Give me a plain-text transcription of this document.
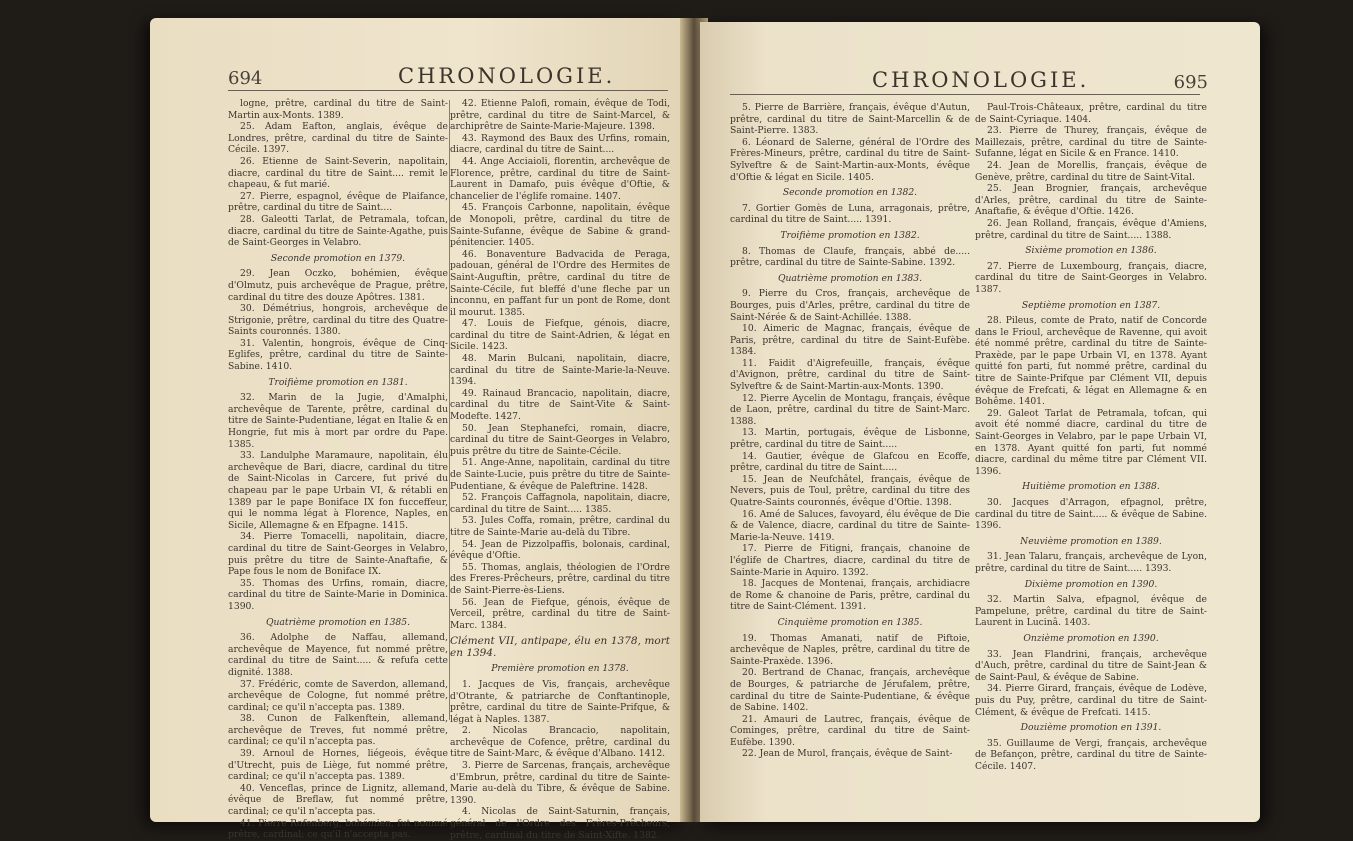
694	CHRONOLOGIE.

logne, prêtre, cardinal du titre de Saint-Martin aux-Monts. 1389.

25. Adam Eafton, anglais, évêque de Londres, prêtre, cardinal du titre de Sainte-Cécile. 1397.

26. Etienne de Saint-Severin, napolitain, diacre, cardinal du titre de Saint.... remit le chapeau, & fut marié.

27. Pierre, espagnol, évêque de Plaifance, prêtre, cardinal du titre de Saint....

28. Galeotti Tarlat, de Petramala, tofcan, diacre, cardinal du titre de Sainte-Agathe, puis de Saint-Georges in Velabro.

Seconde promotion en 1379.

29. Jean Oczko, bohémien, évêque d'Olmutz, puis archevêque de Prague, prêtre, cardinal du titre des douze Apôtres. 1381.

30. Démétrius, hongrois, archevêque de Strigonie, prêtre, cardinal du titre des Quatre-Saints couronnés. 1380.

31. Valentin, hongrois, évêque de Cinq-Eglifes, prêtre, cardinal du titre de Sainte-Sabine. 1410.

Troifième promotion en 1381.

32. Marin de la Jugie, d'Amalphi, archevêque de Tarente, prêtre, cardinal du titre de Sainte-Pudentiane, légat en Italie & en Hongrie, fut mis à mort par ordre du Pape. 1385.

33. Landulphe Maramaure, napolitain, élu archevêque de Bari, diacre, cardinal du titre de Saint-Nicolas in Carcere, fut privé du chapeau par le pape Urbain VI, & rétabli en 1389 par le pape Boniface IX fon fucceffeur, qui le nomma légat à Florence, Naples, en Sicile, Allemagne & en Efpagne. 1415.

34. Pierre Tomacelli, napolitain, diacre, cardinal du titre de Saint-Georges in Velabro, puis prêtre du titre de Sainte-Anaftafie, & Pape fous le nom de Boniface IX.

35. Thomas des Urfins, romain, diacre, cardinal du titre de Sainte-Marie in Dominica. 1390.

Quatrième promotion en 1385.

36. Adolphe de Naffau, allemand, archevêque de Mayence, fut nommé prêtre, cardinal du titre de Saint..... & refufa cette dignité. 1388.

37. Frédéric, comte de Saverdon, allemand, archevêque de Cologne, fut nommé prêtre, cardinal; ce qu'il n'accepta pas. 1389.

38. Cunon de Falkenftein, allemand, archevêque de Treves, fut nommé prêtre, cardinal; ce qu'il n'accepta pas.

39. Arnoul de Hornes, liégeois, évêque d'Utrecht, puis de Liège, fut nommé prêtre, cardinal; ce qu'il n'accepta pas. 1389.

40. Venceflas, prince de Lignitz, allemand, évêque de Breflaw, fut nommé prêtre, cardinal; ce qu'il n'accepta pas.

41. Pierre Rofenberg, bohémien, fut nommé prêtre, cardinal; ce qu'il n'accepta pas.

42. Etienne Palofi, romain, évêque de Todi, prêtre, cardinal du titre de Saint-Marcel, & archiprêtre de Sainte-Marie-Majeure. 1398.

43. Raymond des Baux des Urfins, romain, diacre, cardinal du titre de Saint....

44. Ange Acciaioli, florentin, archevêque de Florence, prêtre, cardinal du titre de Saint-Laurent in Damafo, puis évêque d'Oftie, & chancelier de l'églife romaine. 1407.

45. François Carbonne, napolitain, évêque de Monopoli, prêtre, cardinal du titre de Sainte-Sufanne, évêque de Sabine & grand-pénitencier. 1405.

46. Bonaventure Badvacida de Peraga, padouan, général de l'Ordre des Hermites de Saint-Auguftin, prêtre, cardinal du titre de Sainte-Cécile, fut bleffé d'une fleche par un inconnu, en paffant fur un pont de Rome, dont il mourut. 1385.

47. Louis de Fiefque, génois, diacre, cardinal du titre de Saint-Adrien, & légat en Sicile. 1423.

48. Marin Bulcani, napolitain, diacre, cardinal du titre de Sainte-Marie-la-Neuve. 1394.

49. Rainaud Brancacio, napolitain, diacre, cardinal du titre de Saint-Vite & Saint-Modefte. 1427.

50. Jean Stephanefci, romain, diacre, cardinal du titre de Saint-Georges in Velabro, puis prêtre du titre de Sainte-Cécile.

51. Ange-Anne, napolitain, cardinal du titre de Sainte-Lucie, puis prêtre du titre de Sainte-Pudentiane, & évêque de Paleftrine. 1428.

52. François Caffagnola, napolitain, diacre, cardinal du titre de Saint..... 1385.

53. Jules Coffa, romain, prêtre, cardinal du titre de Sainte-Marie au-delà du Tibre.

54. Jean de Pizzolpaffis, bolonais, cardinal, évêque d'Oftie.

55. Thomas, anglais, théologien de l'Ordre des Freres-Prêcheurs, prêtre, cardinal du titre de Saint-Pierre-ès-Liens.

56. Jean de Fiefque, génois, évêque de Verceil, prêtre, cardinal du titre de Saint-Marc. 1384.

Clément VII, antipape, élu en 1378, mort en 1394.

Première promotion en 1378.

1. Jacques de Vis, français, archevêque d'Otrante, & patriarche de Conftantinople, prêtre, cardinal du titre de Sainte-Prifque, & légat à Naples. 1387.

2. Nicolas Brancacio, napolitain, archevêque de Cofence, prêtre, cardinal du titre de Saint-Marc, & évêque d'Albano. 1412.

3. Pierre de Sarcenas, français, archevêque d'Embrun, prêtre, cardinal du titre de Sainte-Marie au-delà du Tibre, & évêque de Sabine. 1390.

4. Nicolas de Saint-Saturnin, français, général de l'Ordre des Frères-Prêcheurs, prêtre, cardinal du titre de Saint-Xifte. 1382.

695
CHRONOLOGIE.

5. Pierre de Barrière, français, évêque d'Autun, prêtre, cardinal du titre de Saint-Marcellin & de Saint-Pierre. 1383.

6. Léonard de Salerne, général de l'Ordre des Frères-Mineurs, prêtre, cardinal du titre de Saint-Sylveftre & de Saint-Martin-aux-Monts, évêque d'Oftie & légat en Sicile. 1405.

Seconde promotion en 1382.

7. Gortier Gomès de Luna, arragonais, prêtre, cardinal du titre de Saint..... 1391.

Troifième promotion en 1382.

8. Thomas de Claufe, français, abbé de..... prêtre, cardinal du titre de Sainte-Sabine. 1392.

Quatrième promotion en 1383.

9. Pierre du Cros, français, archevêque de Bourges, puis d'Arles, prêtre, cardinal du titre de Saint-Nérée & de Saint-Achillée. 1388.

10. Aimeric de Magnac, français, évêque de Paris, prêtre, cardinal du titre de Saint-Eufèbe. 1384.

11. Faidit d'Aigrefeuille, français, évêque d'Avignon, prêtre, cardinal du titre de Saint-Sylveftre & de Saint-Martin-aux-Monts. 1390.

12. Pierre Aycelin de Montagu, français, évêque de Laon, prêtre, cardinal du titre de Saint-Marc. 1388.

13. Martin, portugais, évêque de Lisbonne, prêtre, cardinal du titre de Saint.....

14. Gautier, évêque de Glafcou en Ecoffe, prêtre, cardinal du titre de Saint.....

15. Jean de Neufchâtel, français, évêque de Nevers, puis de Toul, prêtre, cardinal du titre des Quatre-Saints couronnés, évêque d'Oftie. 1398.

16. Amé de Saluces, favoyard, élu évêque de Die & de Valence, diacre, cardinal du titre de Sainte-Marie-la-Neuve. 1419.

17. Pierre de Fitigni, français, chanoine de l'églife de Chartres, diacre, cardinal du titre de Sainte-Marie in Aquiro. 1392.

18. Jacques de Montenai, français, archidiacre de Rome & chanoine de Paris, prêtre, cardinal du titre de Saint-Clément. 1391.

Cinquième promotion en 1385.

19. Thomas Amanati, natif de Piftoie, archevêque de Naples, prêtre, cardinal du titre de Sainte-Praxède. 1396.

20. Bertrand de Chanac, français, archevêque de Bourges, & patriarche de Jérufalem, prêtre, cardinal du titre de Sainte-Pudentiane, & évêque de Sabine. 1402.

21. Amauri de Lautrec, français, évêque de Cominges, prêtre, cardinal du titre de Saint-Eufèbe. 1390.

22. Jean de Murol, français, évêque de Saint-

Paul-Trois-Châteaux, prêtre, cardinal du titre de Saint-Cyriaque. 1404.

23. Pierre de Thurey, français, évêque de Maillezais, prêtre, cardinal du titre de Sainte-Sufanne, légat en Sicile & en France. 1410.

24. Jean de Morellis, français, évêque de Genève, prêtre, cardinal du titre de Saint-Vital.

25. Jean Brognier, français, archevêque d'Arles, prêtre, cardinal du titre de Sainte-Anaftafie, & évêque d'Oftie. 1426.

26. Jean Rolland, français, évêque d'Amiens, prêtre, cardinal du titre de Saint..... 1388.

Sixième promotion en 1386.

27. Pierre de Luxembourg, français, diacre, cardinal du titre de Saint-Georges in Velabro. 1387.

Septième promotion en 1387.

28. Pileus, comte de Prato, natif de Concorde dans le Frioul, archevêque de Ravenne, qui avoit été nommé prêtre, cardinal du titre de Sainte-Praxède, par le pape Urbain VI, en 1378. Ayant quitté fon parti, fut nommé prêtre, cardinal du titre de Sainte-Prifque par Clément VII, depuis évêque de Frefcati, & légat en Allemagne & en Bohême. 1401.

29. Galeot Tarlat de Petramala, tofcan, qui avoit été nommé diacre, cardinal du titre de Saint-Georges in Velabro, par le pape Urbain VI, en 1378. Ayant quitté fon parti, fut nommé diacre, cardinal du même titre par Clément VII. 1396.

Huitième promotion en 1388.

30. Jacques d'Arragon, efpagnol, prêtre, cardinal du titre de Saint..... & évêque de Sabine. 1396.

Neuvième promotion en 1389.

31. Jean Talaru, français, archevêque de Lyon, prêtre, cardinal du titre de Saint..... 1393.

Dixième promotion en 1390.

32. Martin Salva, efpagnol, évêque de Pampelune, prêtre, cardinal du titre de Saint-Laurent in Lucinâ. 1403.

Onzième promotion en 1390.

33. Jean Flandrini, français, archevêque d'Auch, prêtre, cardinal du titre de Saint-Jean & de Saint-Paul, & évêque de Sabine.

34. Pierre Girard, français, évêque de Lodève, puis du Puy, prêtre, cardinal du titre de Saint-Clément, & évêque de Frefcati. 1415.

Douzième promotion en 1391.

35. Guillaume de Vergi, français, archevêque de Befançon, prêtre, cardinal du titre de Sainte-Cécile. 1407.
